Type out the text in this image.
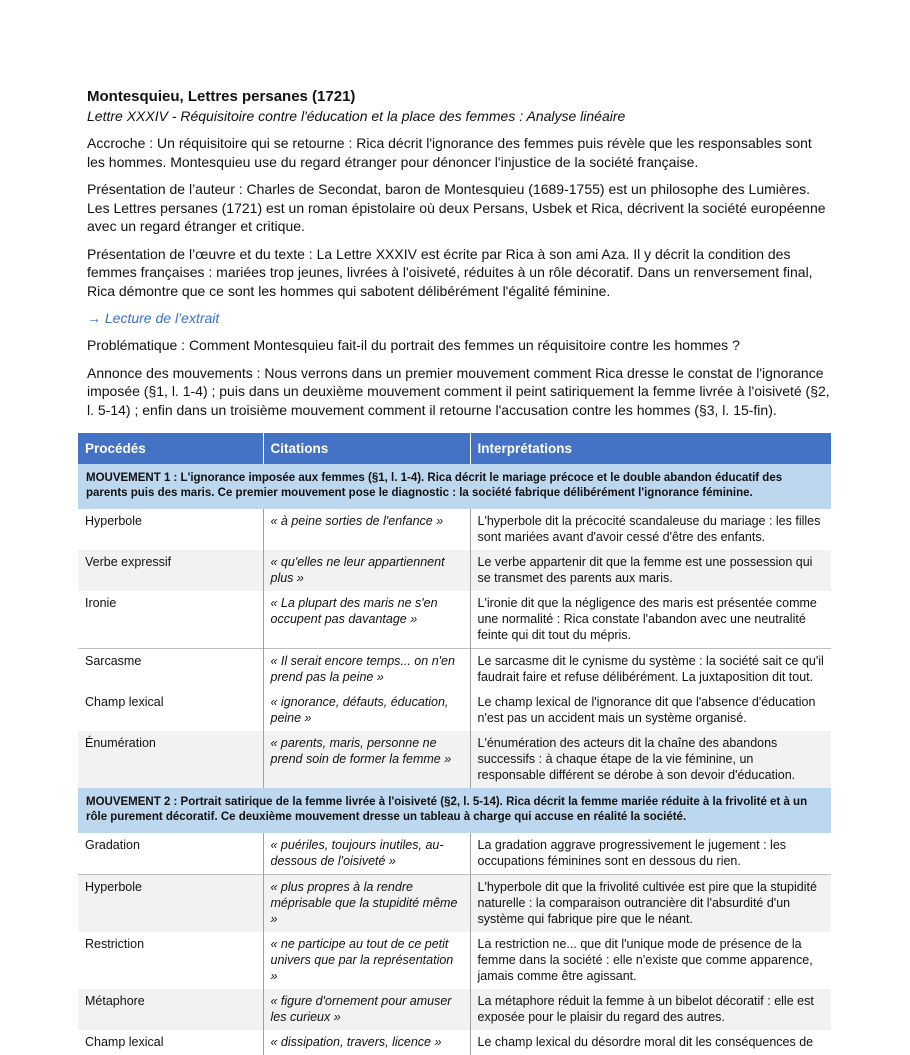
Montesquieu, Lettres persanes (1721)
Lettre XXXIV - Réquisitoire contre l'éducation et la place des femmes : Analyse linéaire

Accroche : Un réquisitoire qui se retourne : Rica décrit l'ignorance des femmes puis révèle que les responsables sont les hommes. Montesquieu use du regard étranger pour dénoncer l'injustice de la société française.

Présentation de l’auteur : Charles de Secondat, baron de Montesquieu (1689-1755) est un philosophe des Lumières. Les Lettres persanes (1721) est un roman épistolaire où deux Persans, Usbek et Rica, décrivent la société européenne avec un regard étranger et critique.

Présentation de l’œuvre et du texte : La Lettre XXXIV est écrite par Rica à son ami Aza. Il y décrit la condition des femmes françaises : mariées trop jeunes, livrées à l'oisiveté, réduites à un rôle décoratif. Dans un renversement final, Rica démontre que ce sont les hommes qui sabotent délibérément l'égalité féminine.

→ Lecture de l’extrait

Problématique : Comment Montesquieu fait-il du portrait des femmes un réquisitoire contre les hommes ?

Annonce des mouvements : Nous verrons dans un premier mouvement comment Rica dresse le constat de l'ignorance imposée (§1, l. 1-4) ; puis dans un deuxième mouvement comment il peint satiriquement la femme livrée à l'oisiveté (§2, l. 5-14) ; enfin dans un troisième mouvement comment il retourne l'accusation contre les hommes (§3, l. 15-fin).

Procédés	Citations	Interprétations
MOUVEMENT 1 : L'ignorance imposée aux femmes (§1, l. 1-4). Rica décrit le mariage précoce et le double abandon éducatif des parents puis des maris. Ce premier mouvement pose le diagnostic : la société fabrique délibérément l'ignorance féminine.		
Hyperbole	« à peine sorties de l'enfance »	L'hyperbole dit la précocité scandaleuse du mariage : les filles sont mariées avant d'avoir cessé d'être des enfants.
Verbe expressif	« qu'elles ne leur appartiennent plus »	Le verbe appartenir dit que la femme est une possession qui se transmet des parents aux maris.
Ironie	« La plupart des maris ne s'en occupent pas davantage »	L'ironie dit que la négligence des maris est présentée comme une normalité : Rica constate l'abandon avec une neutralité feinte qui dit tout du mépris.
Sarcasme	« Il serait encore temps... on n'en prend pas la peine »	Le sarcasme dit le cynisme du système : la société sait ce qu'il faudrait faire et refuse délibérément. La juxtaposition dit tout.
Champ lexical	« ignorance, défauts, éducation, peine »	Le champ lexical de l'ignorance dit que l'absence d'éducation n'est pas un accident mais un système organisé.
Énumération	« parents, maris, personne ne prend soin de former la femme »	L'énumération des acteurs dit la chaîne des abandons successifs : à chaque étape de la vie féminine, un responsable différent se dérobe à son devoir d'éducation.
MOUVEMENT 2 : Portrait satirique de la femme livrée à l'oisiveté (§2, l. 5-14). Rica décrit la femme mariée réduite à la frivolité et à un rôle purement décoratif. Ce deuxième mouvement dresse un tableau à charge qui accuse en réalité la société.		
Gradation	« puériles, toujours inutiles, au-dessous de l'oisiveté »	La gradation aggrave progressivement le jugement : les occupations féminines sont en dessous du rien.
Hyperbole	« plus propres à la rendre méprisable que la stupidité même »	L'hyperbole dit que la frivolité cultivée est pire que la stupidité naturelle : la comparaison outrancière dit l'absurdité d'un système qui fabrique pire que le néant.
Restriction	« ne participe au tout de ce petit univers que par la représentation »	La restriction ne... que dit l'unique mode de présence de la femme dans la société : elle n'existe que comme apparence, jamais comme être agissant.
Métaphore	« figure d'ornement pour amuser les curieux »	La métaphore réduit la femme à un bibelot décoratif : elle est exposée pour le plaisir du regard des autres.
Champ lexical	« dissipation, travers, licence »	Le champ lexical du désordre moral dit les conséquences de
